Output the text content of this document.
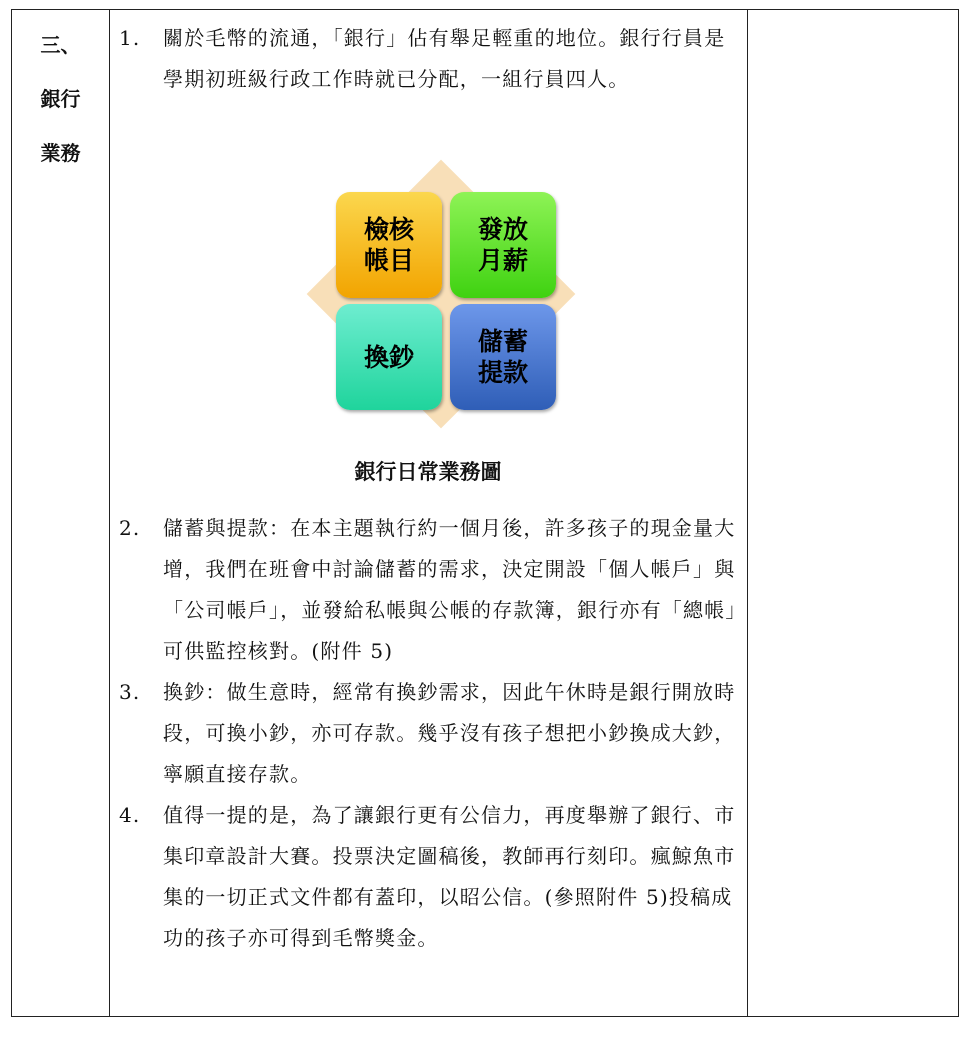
三、
銀行
業務
1. 關於毛幣的流通，「銀行」佔有舉足輕重的地位。銀行行員是學期初班級行政工作時就已分配，一組行員四人。

檢核
帳目
發放
月薪
換鈔
儲蓄
提款
銀行日常業務圖
2. 儲蓄與提款：在本主題執行約一個月後，許多孩子的現金量大增，我們在班會中討論儲蓄的需求，決定開設「個人帳戶」與「公司帳戶」，並發給私帳與公帳的存款簿，銀行亦有「總帳」可供監控核對。(附件 5)

3. 換鈔：做生意時，經常有換鈔需求，因此午休時是銀行開放時段，可換小鈔，亦可存款。幾乎沒有孩子想把小鈔換成大鈔，寧願直接存款。

4. 值得一提的是，為了讓銀行更有公信力，再度舉辦了銀行、市集印章設計大賽。投票決定圖稿後，教師再行刻印。瘋鯨魚市集的一切正式文件都有蓋印，以昭公信。(參照附件 5)投稿成功的孩子亦可得到毛幣獎金。
